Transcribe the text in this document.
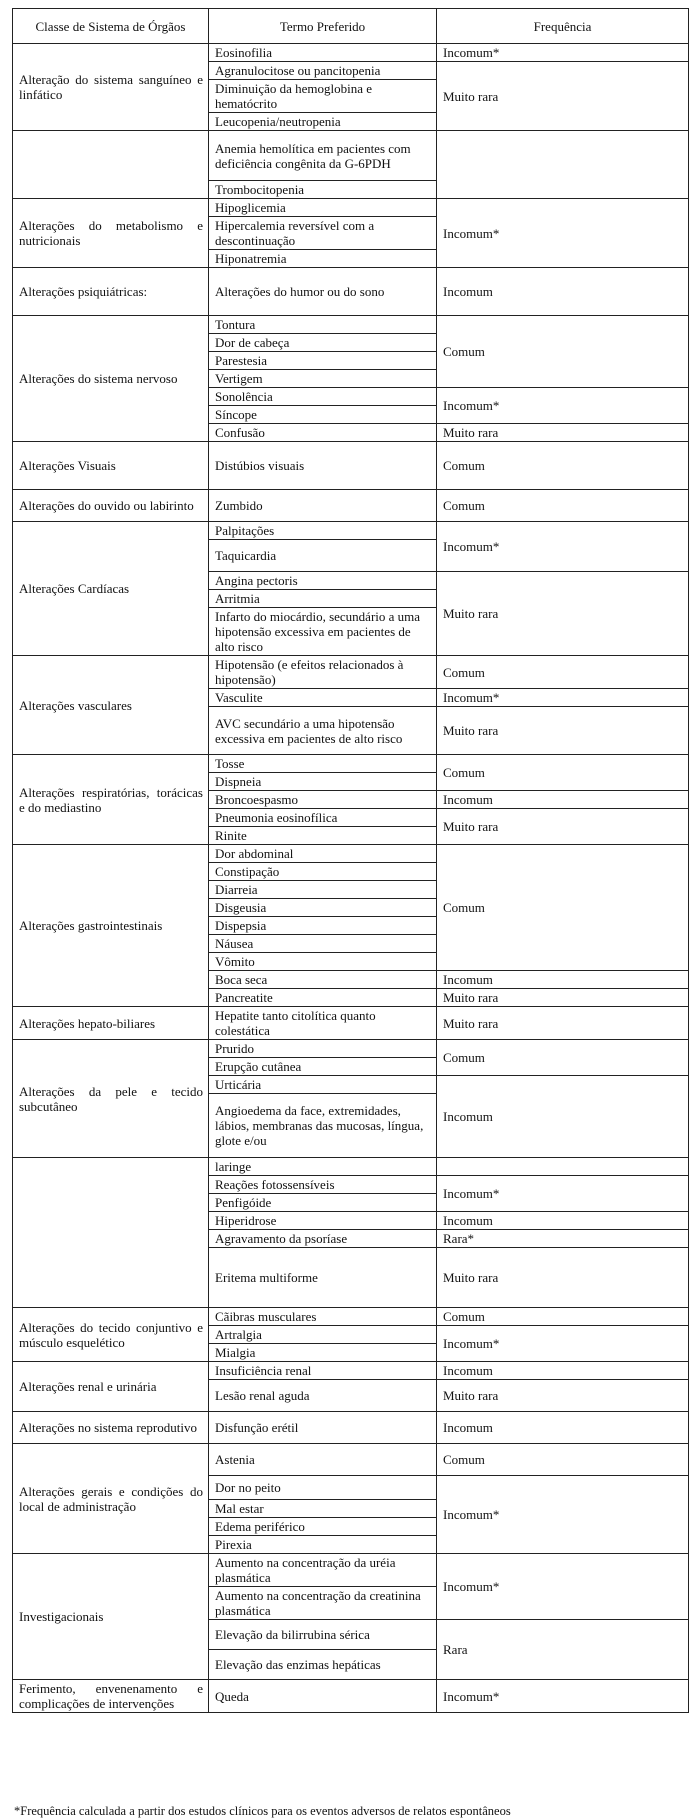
Classe de Sistema de Órgãos	Termo Preferido	Frequência
Alteração do sistema sanguíneo e linfático	Eosinofilia	Incomum*
	Agranulocitose ou pancitopenia	Muito rara
	Diminuição da hemoglobina e hematócrito	
	Leucopenia/neutropenia	
	Anemia hemolítica em pacientes com deficiência congênita da G-6PDH	
	Trombocitopenia	
Alterações do metabolismo e nutricionais	Hipoglicemia	Incomum*
	Hipercalemia reversível com a descontinuação	
	Hiponatremia	
Alterações psiquiátricas:	Alterações do humor ou do sono	Incomum
Alterações do sistema nervoso	Tontura	Comum
	Dor de cabeça	
	Parestesia	
	Vertigem	
	Sonolência	Incomum*
	Síncope	
	Confusão	Muito rara
Alterações Visuais	Distúbios visuais	Comum
Alterações do ouvido ou labirinto	Zumbido	Comum
Alterações Cardíacas	Palpitações	Incomum*
	Taquicardia	
	Angina pectoris	Muito rara
	Arritmia	
	Infarto do miocárdio, secundário a uma hipotensão excessiva em pacientes de alto risco	
Alterações vasculares	Hipotensão (e efeitos relacionados à hipotensão)	Comum
	Vasculite	Incomum*
	AVC secundário a uma hipotensão excessiva em pacientes de alto risco	Muito rara
Alterações respiratórias, torácicas e do mediastino	Tosse	Comum
	Dispneia	
	Broncoespasmo	Incomum
	Pneumonia eosinofílica	Muito rara
	Rinite	
Alterações gastrointestinais	Dor abdominal	Comum
	Constipação	
	Diarreia	
	Disgeusia	
	Dispepsia	
	Náusea	
	Vômito	
	Boca seca	Incomum
	Pancreatite	Muito rara
Alterações hepato-biliares	Hepatite tanto citolítica quanto colestática	Muito rara
Alterações da pele e tecido subcutâneo	Prurido	Comum
	Erupção cutânea	
	Urticária	Incomum
	Angioedema da face, extremidades, lábios, membranas das mucosas, língua, glote e/ou	
	laringe	
	Reações fotossensíveis	Incomum*
	Penfigóide	
	Hiperidrose	Incomum
	Agravamento da psoríase	Rara*
	Eritema multiforme	Muito rara
Alterações do tecido conjuntivo e músculo esquelético	Cãibras musculares	Comum
	Artralgia	Incomum*
	Mialgia	
Alterações renal e urinária	Insuficiência renal	Incomum
	Lesão renal aguda	Muito rara
Alterações no sistema reprodutivo	Disfunção erétil	Incomum
Alterações gerais e condições do local de administração	Astenia	Comum
	Dor no peito	Incomum*
	Mal estar	
	Edema periférico	
	Pirexia	
Investigacionais	Aumento na concentração da uréia plasmática	Incomum*
	Aumento na concentração da creatinina plasmática	
	Elevação da bilirrubina sérica	Rara
	Elevação das enzimas hepáticas	
Ferimento, envenenamento e complicações de intervenções	Queda	Incomum*
*Frequência calculada a partir dos estudos clínicos para os eventos adversos de relatos espontâneos
